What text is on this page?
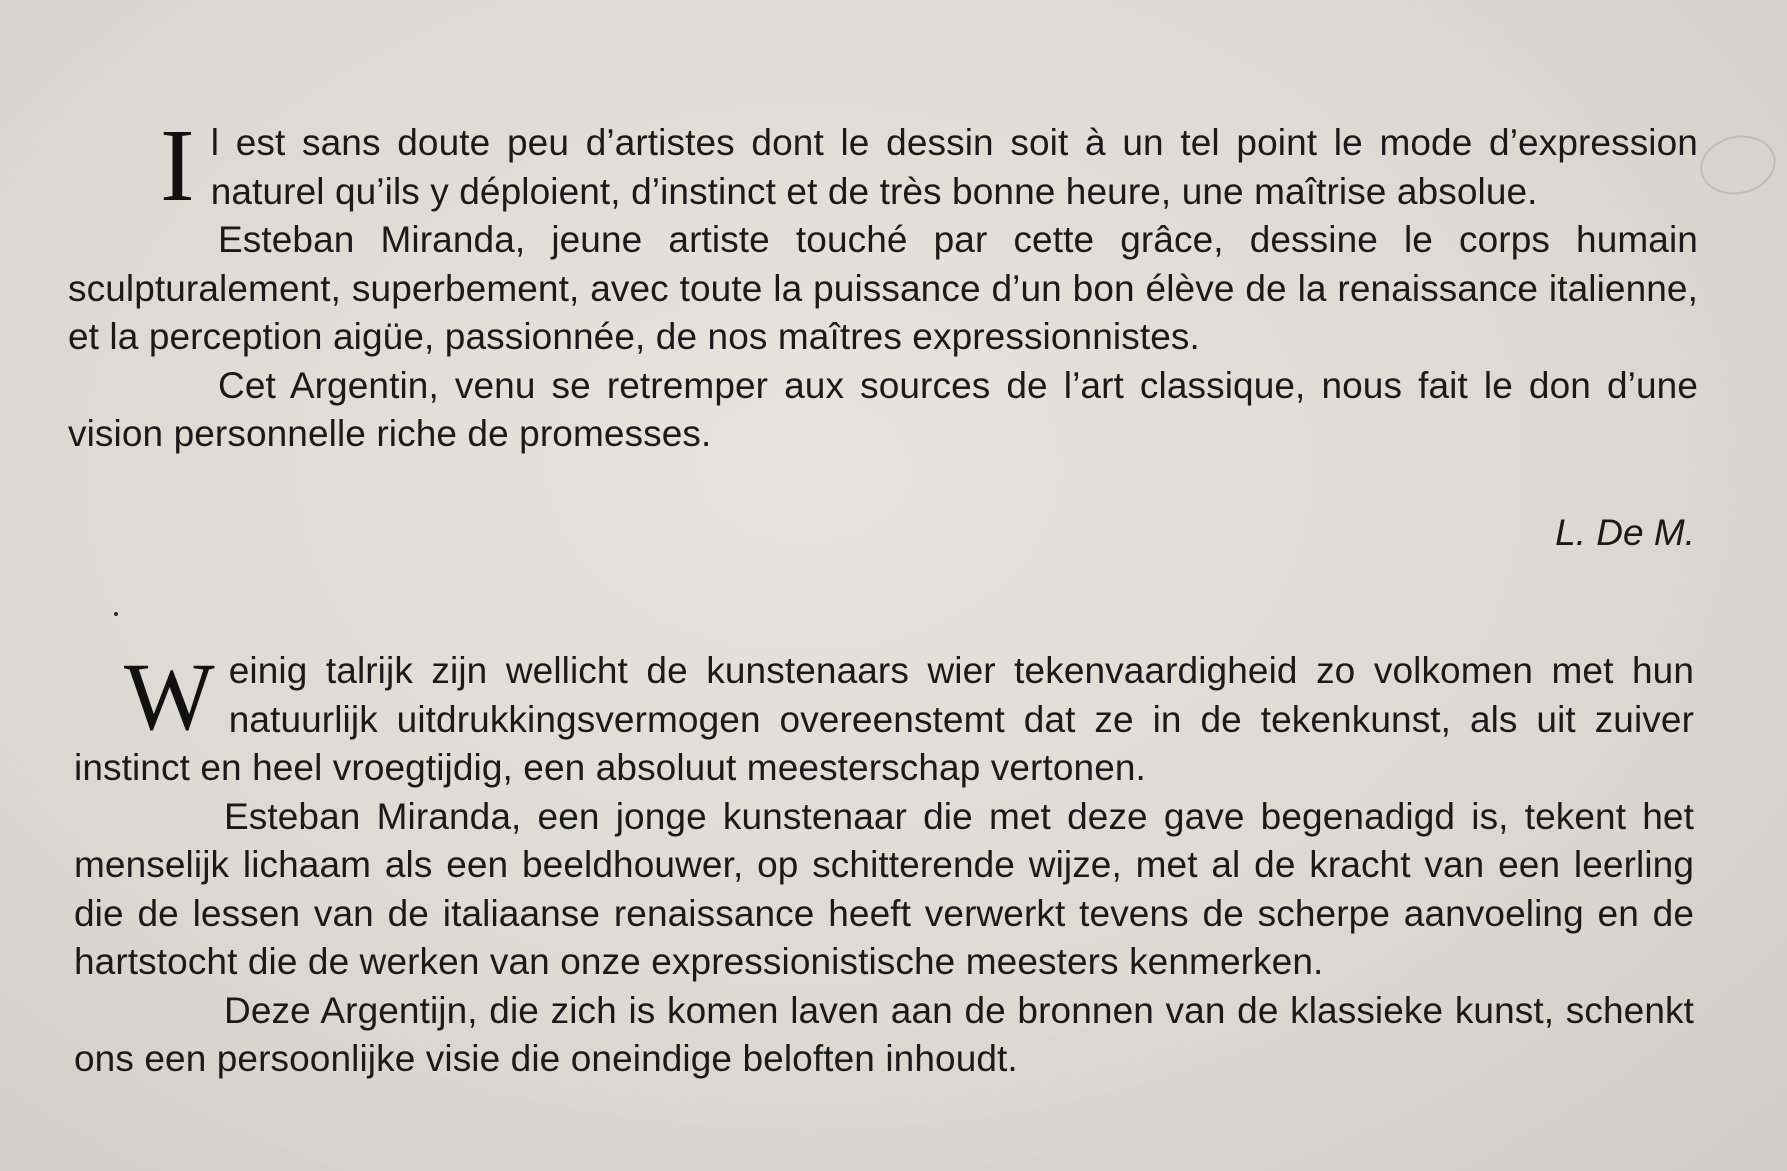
Il est sans doute peu d’artistes dont le dessin soit à un tel point le mode d’expression naturel qu’ils y déploient, d’instinct et de très bonne heure, une maîtrise absolue.

Esteban Miranda, jeune artiste touché par cette grâce, dessine le corps humain sculpturalement, superbement, avec toute la puissance d’un bon élève de la renaissance italienne, et la perception aigüe, passionnée, de nos maîtres expressionnistes.

Cet Argentin, venu se retremper aux sources de l’art classique, nous fait le don d’une vision personnelle riche de promesses.

L. De M.

Weinig talrijk zijn wellicht de kunstenaars wier tekenvaardigheid zo volkomen met hun natuurlijk uitdrukkingsvermogen overeenstemt dat ze in de tekenkunst, als uit zuiver instinct en heel vroegtijdig, een absoluut meesterschap vertonen.

Esteban Miranda, een jonge kunstenaar die met deze gave begenadigd is, tekent het menselijk lichaam als een beeldhouwer, op schitterende wijze, met al de kracht van een leerling die de lessen van de italiaanse renaissance heeft verwerkt tevens de scherpe aanvoeling en de hartstocht die de werken van onze expressionistische meesters kenmerken.

Deze Argentijn, die zich is komen laven aan de bronnen van de klassieke kunst, schenkt ons een persoonlijke visie die oneindige beloften inhoudt.
